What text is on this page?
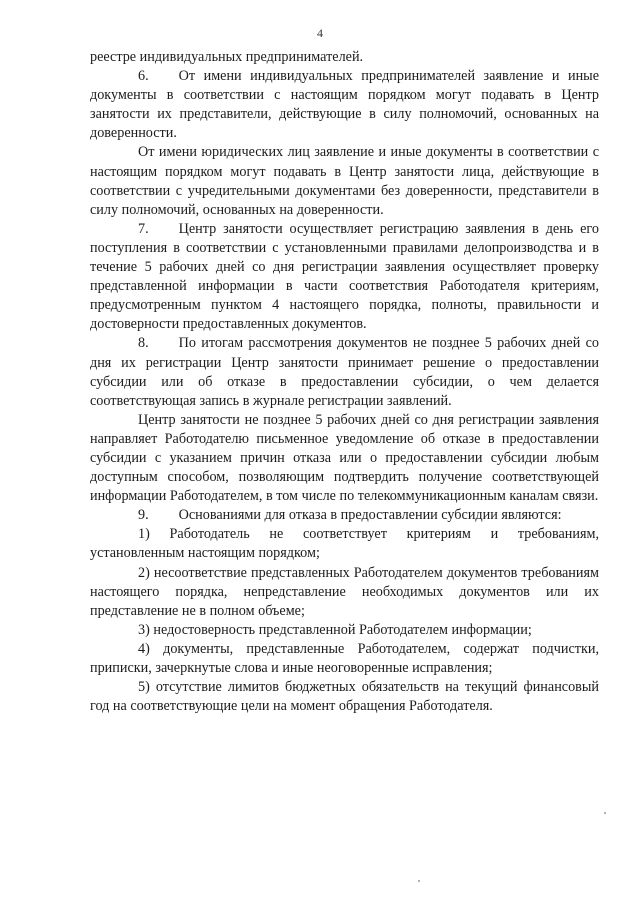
4

реестре индивидуальных предпринимателей.

6. От имени индивидуальных предпринимателей заявление и иные документы в соответствии с настоящим порядком могут подавать в Центр занятости их представители, действующие в силу полномочий, основанных на доверенности.

От имени юридических лиц заявление и иные документы в соответствии с настоящим порядком могут подавать в Центр занятости лица, действующие в соответствии с учредительными документами без доверенности, представители в силу полномочий, основанных на доверенности.

7. Центр занятости осуществляет регистрацию заявления в день его поступления в соответствии с установленными правилами делопроизводства и в течение 5 рабочих дней со дня регистрации заявления осуществляет проверку представленной информации в части соответствия Работодателя критериям, предусмотренным пунктом 4 настоящего порядка, полноты, правильности и достоверности предоставленных документов.

8. По итогам рассмотрения документов не позднее 5 рабочих дней со дня их регистрации Центр занятости принимает решение о предоставлении субсидии или об отказе в предоставлении субсидии, о чем делается соответствующая запись в журнале регистрации заявлений.

Центр занятости не позднее 5 рабочих дней со дня регистрации заявления направляет Работодателю письменное уведомление об отказе в предоставлении субсидии с указанием причин отказа или о предоставлении субсидии любым доступным способом, позволяющим подтвердить получение соответствующей информации Работодателем, в том числе по телекоммуникационным каналам связи.

9. Основаниями для отказа в предоставлении субсидии являются:

1) Работодатель не соответствует критериям и требованиям, установленным настоящим порядком;

2) несоответствие представленных Работодателем документов требованиям настоящего порядка, непредставление необходимых документов или их представление не в полном объеме;

3) недостоверность представленной Работодателем информации;

4) документы, представленные Работодателем, содержат подчистки, приписки, зачеркнутые слова и иные неоговоренные исправления;

5) отсутствие лимитов бюджетных обязательств на текущий финансовый год на соответствующие цели на момент обращения Работодателя.
